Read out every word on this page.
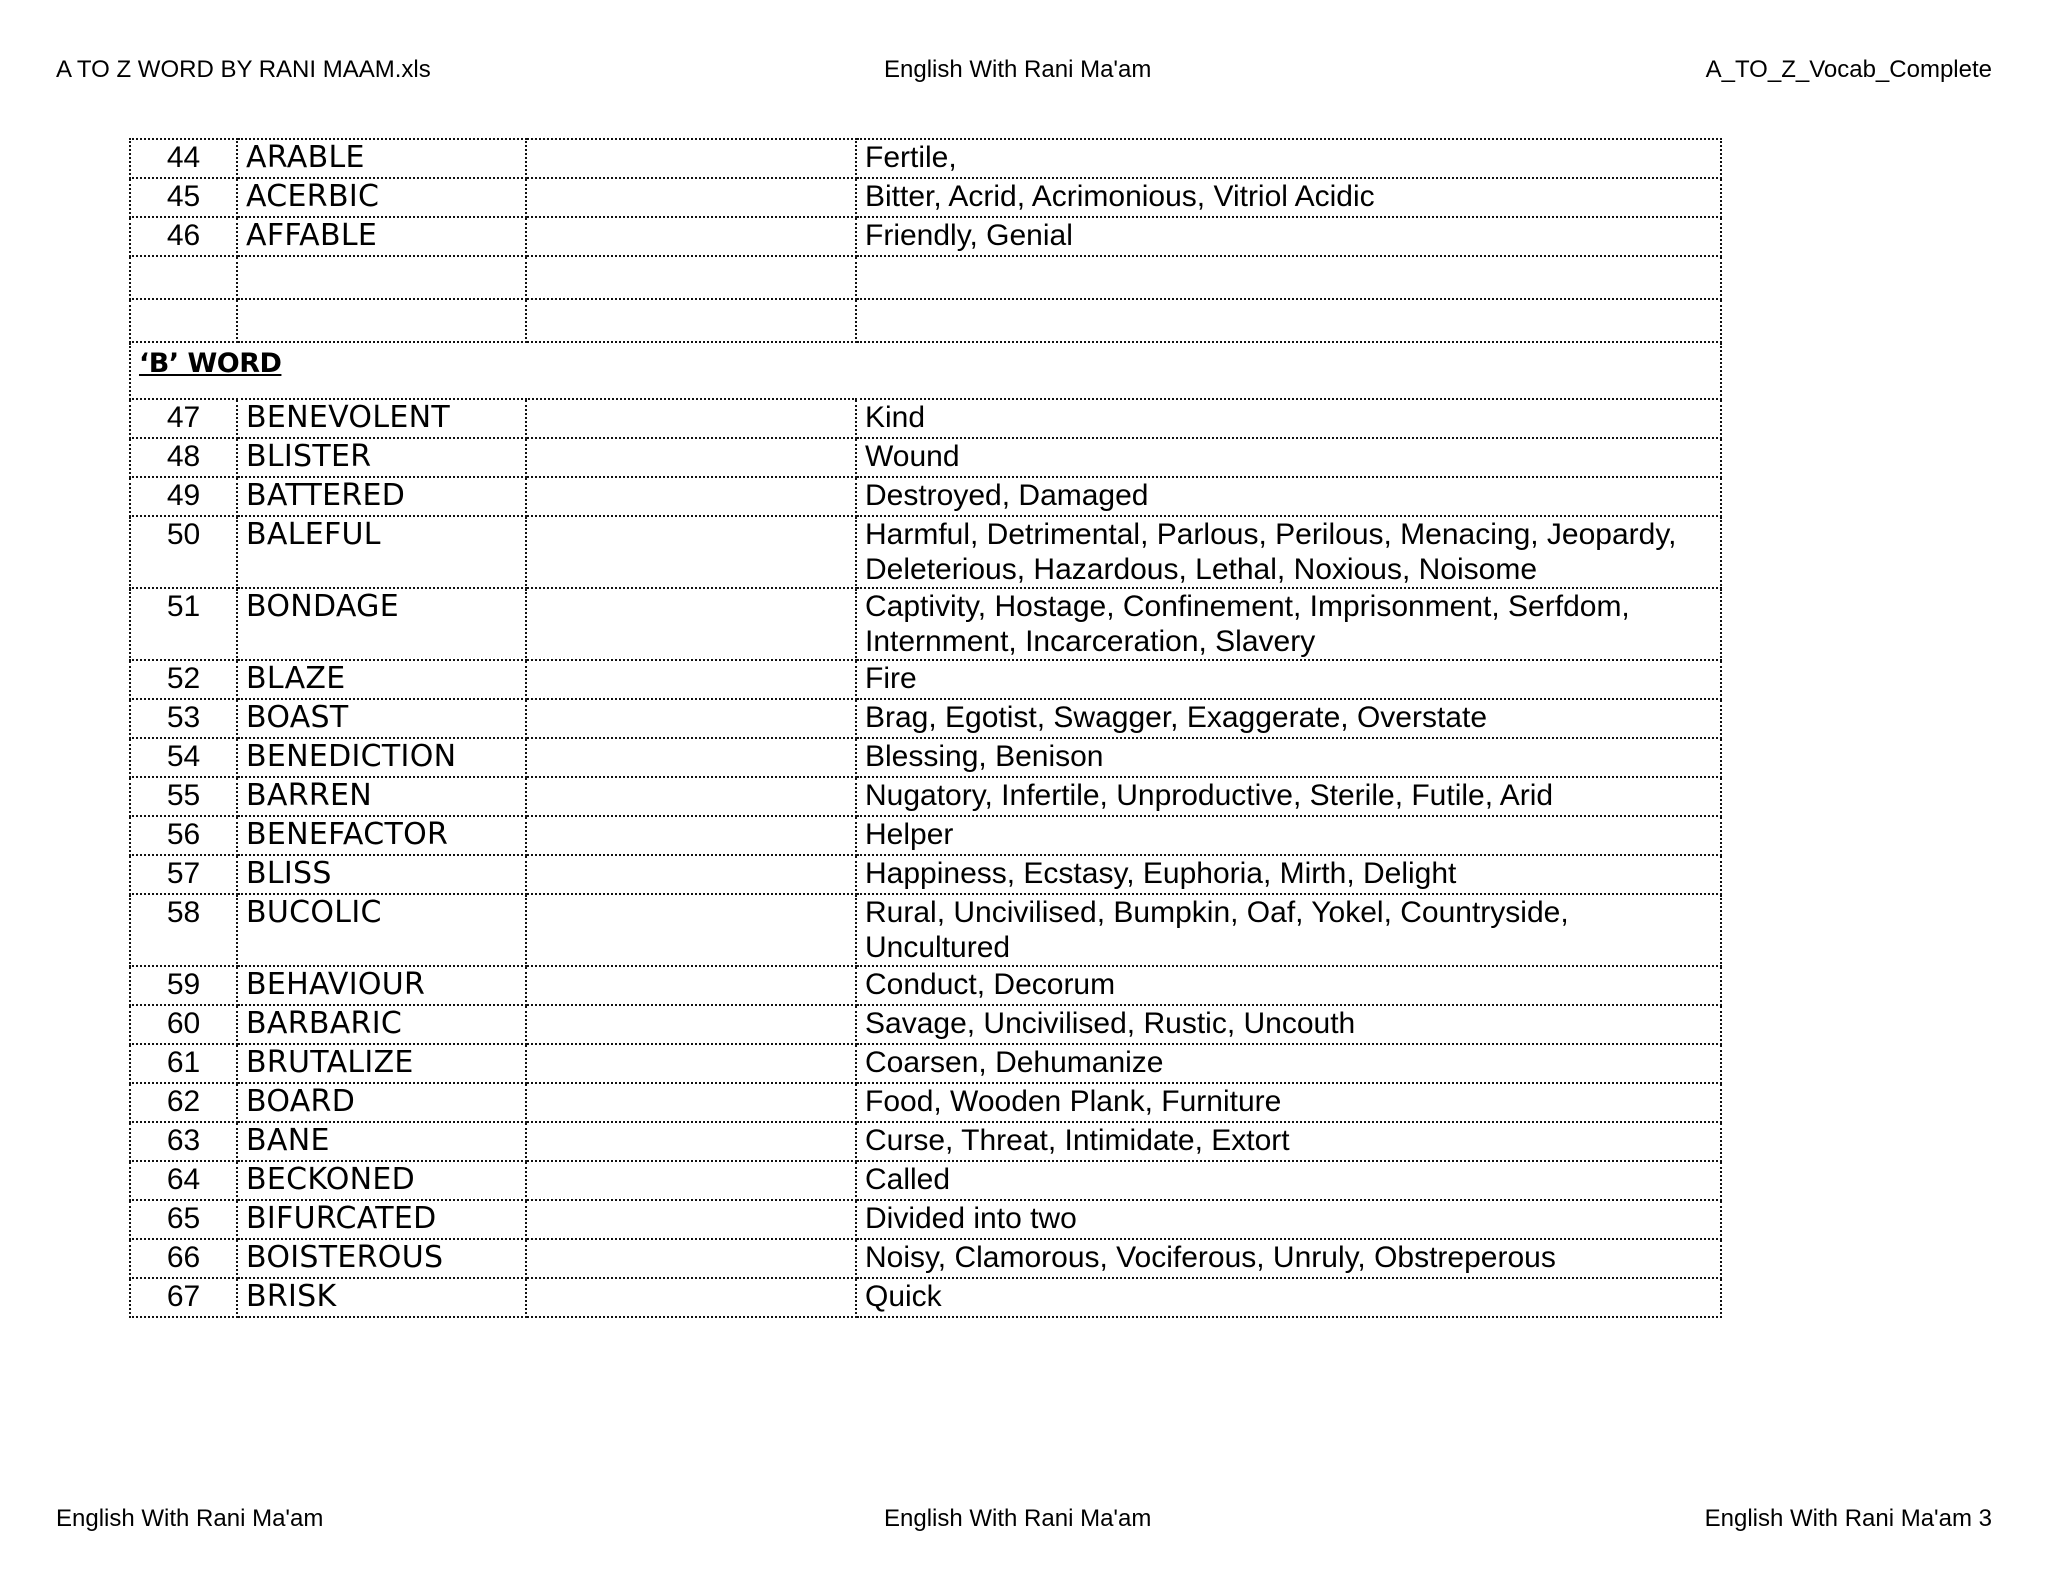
A TO Z WORD BY RANI MAAM.xls	English With Rani Ma'am	A_TO_Z_Vocab_Complete
44	ARABLE		Fertile,
45	ACERBIC		Bitter, Acrid, Acrimonious, Vitriol Acidic
46	AFFABLE		Friendly, Genial

‘B’ WORD			
47	BENEVOLENT		Kind
48	BLISTER		Wound
49	BATTERED		Destroyed, Damaged
50	BALEFUL		Harmful, Detrimental, Parlous, Perilous, Menacing, Jeopardy, Deleterious, Hazardous, Lethal, Noxious, Noisome
51	BONDAGE		Captivity, Hostage, Confinement, Imprisonment, Serfdom, Internment, Incarceration, Slavery
52	BLAZE		Fire
53	BOAST		Brag, Egotist, Swagger, Exaggerate, Overstate
54	BENEDICTION		Blessing, Benison
55	BARREN		Nugatory, Infertile, Unproductive, Sterile, Futile, Arid
56	BENEFACTOR		Helper
57	BLISS		Happiness, Ecstasy, Euphoria, Mirth, Delight
58	BUCOLIC		Rural, Uncivilised, Bumpkin, Oaf, Yokel, Countryside, Uncultured
59	BEHAVIOUR		Conduct, Decorum
60	BARBARIC		Savage, Uncivilised, Rustic, Uncouth
61	BRUTALIZE		Coarsen, Dehumanize
62	BOARD		Food, Wooden Plank, Furniture
63	BANE		Curse, Threat, Intimidate, Extort
64	BECKONED		Called
65	BIFURCATED		Divided into two
66	BOISTEROUS		Noisy, Clamorous, Vociferous, Unruly, Obstreperous
67	BRISK		Quick
English With Rani Ma'am	English With Rani Ma'am	English With Rani Ma'am 3
